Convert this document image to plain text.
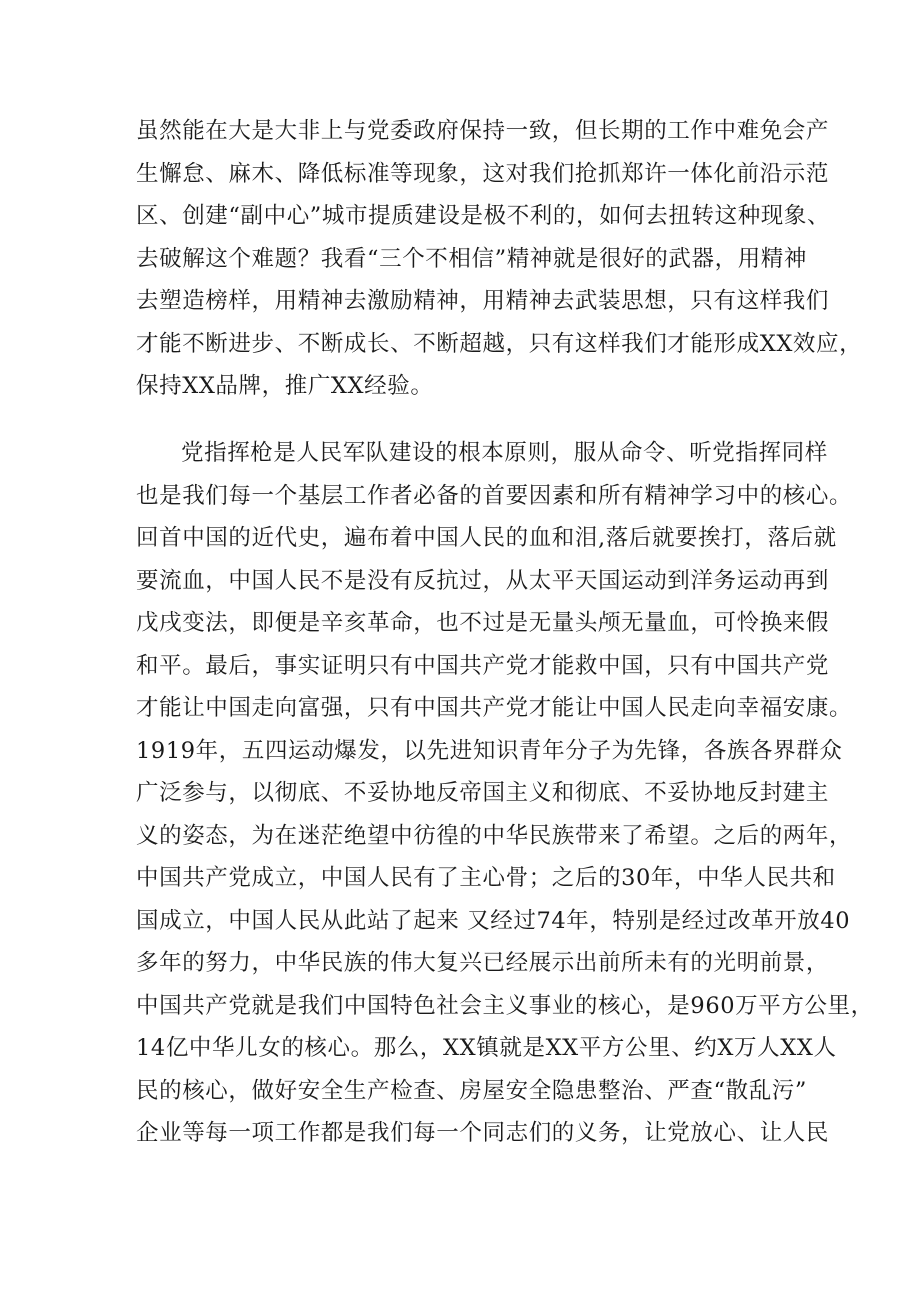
虽然能在大是大非上与党委政府保持一致，但长期的工作中难免会产
生懈怠、麻木、降低标准等现象，这对我们抢抓郑许一体化前沿示范
区、创建“副中心”城市提质建设是极不利的，如何去扭转这种现象、
去破解这个难题？我看“三个不相信”精神就是很好的武器，用精神
去塑造榜样，用精神去激励精神，用精神去武装思想，只有这样我们
才能不断进步、不断成长、不断超越，只有这样我们才能形成XX效应，
保持XX品牌，推广XX经验。
党指挥枪是人民军队建设的根本原则，服从命令、听党指挥同样
也是我们每一个基层工作者必备的首要因素和所有精神学习中的核心。
回首中国的近代史，遍布着中国人民的血和泪,落后就要挨打，落后就
要流血，中国人民不是没有反抗过，从太平天国运动到洋务运动再到
戊戌变法，即便是辛亥革命，也不过是无量头颅无量血，可怜换来假
和平。最后，事实证明只有中国共产党才能救中国，只有中国共产党
才能让中国走向富强，只有中国共产党才能让中国人民走向幸福安康。
1919年，五四运动爆发，以先进知识青年分子为先锋，各族各界群众
广泛参与，以彻底、不妥协地反帝国主义和彻底、不妥协地反封建主
义的姿态，为在迷茫绝望中彷徨的中华民族带来了希望。之后的两年，
中国共产党成立，中国人民有了主心骨；之后的30年，中华人民共和
国成立，中国人民从此站了起来 又经过74年，特别是经过改革开放40
多年的努力，中华民族的伟大复兴已经展示出前所未有的光明前景，
中国共产党就是我们中国特色社会主义事业的核心，是960万平方公里，
14亿中华儿女的核心。那么，XX镇就是XX平方公里、约X万人XX人
民的核心，做好安全生产检查、房屋安全隐患整治、严查“散乱污”
企业等每一项工作都是我们每一个同志们的义务，让党放心、让人民
